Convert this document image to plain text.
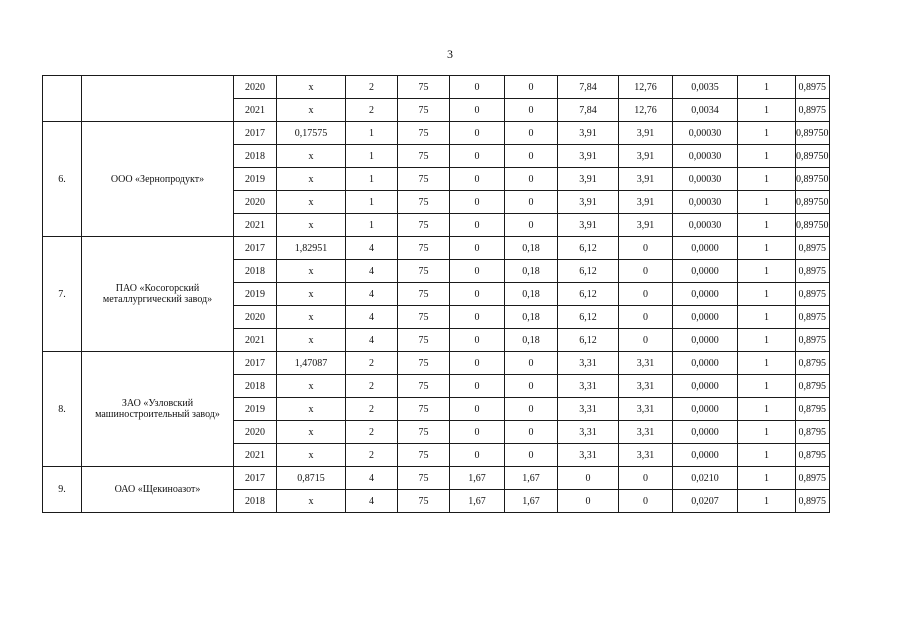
3
		2020	x	2	75	0	0	7,84	12,76	0,0035	1	0,8975
		2021	x	2	75	0	0	7,84	12,76	0,0034	1	0,8975
6.	ООО «Зернопродукт»	2017	0,17575	1	75	0	0	3,91	3,91	0,00030	1	0,89750
		2018	x	1	75	0	0	3,91	3,91	0,00030	1	0,89750
		2019	x	1	75	0	0	3,91	3,91	0,00030	1	0,89750
		2020	x	1	75	0	0	3,91	3,91	0,00030	1	0,89750
		2021	x	1	75	0	0	3,91	3,91	0,00030	1	0,89750
7.	ПАО «Косогорский
металлургический завод»	2017	1,82951	4	75	0	0,18	6,12	0	0,0000	1	0,8975
		2018	x	4	75	0	0,18	6,12	0	0,0000	1	0,8975
		2019	x	4	75	0	0,18	6,12	0	0,0000	1	0,8975
		2020	x	4	75	0	0,18	6,12	0	0,0000	1	0,8975
		2021	x	4	75	0	0,18	6,12	0	0,0000	1	0,8975
8.	ЗАО «Узловский
машиностроительный завод»	2017	1,47087	2	75	0	0	3,31	3,31	0,0000	1	0,8795
		2018	x	2	75	0	0	3,31	3,31	0,0000	1	0,8795
		2019	x	2	75	0	0	3,31	3,31	0,0000	1	0,8795
		2020	x	2	75	0	0	3,31	3,31	0,0000	1	0,8795
		2021	x	2	75	0	0	3,31	3,31	0,0000	1	0,8795
9.	ОАО «Щекиноазот»	2017	0,8715	4	75	1,67	1,67	0	0	0,0210	1	0,8975
		2018	x	4	75	1,67	1,67	0	0	0,0207	1	0,8975
